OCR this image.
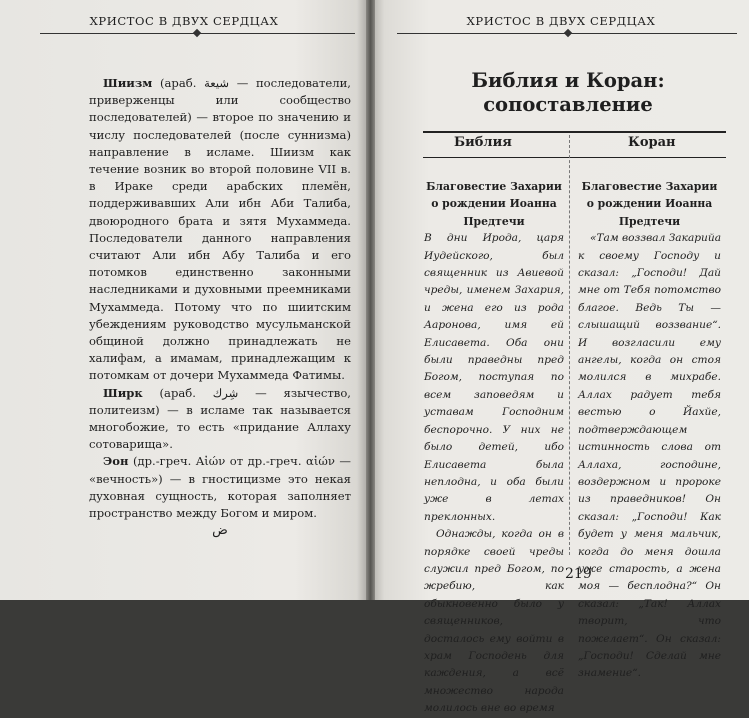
ХРИСТОС В ДВУХ СЕРДЦАХ

Шиизм (араб. شيعة — последователи, приверженцы или сообщество последователей) — второе по значению и числу последователей (после суннизма) направление в исламе. Шиизм как течение возник во второй половине VII в. в Ираке среди арабских племён, поддерживавших Али ибн Аби Талиба, двоюродного брата и зятя Мухаммеда. Последователи данного направления считают Али ибн Абу Талиба и его потомков единственно законными наследниками и духовными преемниками Мухаммеда. Потому что по шиитским убеждениям руководство мусульманской общиной должно принадлежать не халифам, а имамам, принадлежащим к потомкам от дочери Мухаммеда Фатимы.

Ширк (араб. شِرك — язычество, политеизм) — в исламе так называется многобожие, то есть «придание Аллаху сотоварища».

Эон (др.-греч. Αἰών от др.-греч. αἰών — «вечность») — в гностицизме это некая духовная сущность, которая заполняет пространство между Богом и миром.

ﺽ

ХРИСТОС В ДВУХ СЕРДЦАХ
Библия и Коран:
сопоставление
Библия	Коран

Благовестие Захарии о рождении Иоанна Предтечи

В дни Ирода, царя Иудейского, был священник из Авиевой чреды, именем Захария, и жена его из рода Ааронова, имя ей Елисавета. Оба они были праведны пред Богом, поступая по всем заповедям и уставам Господним беспорочно. У них не было детей, ибо Елисавета была неплодна, и оба были уже в летах преклонных.

Однажды, когда он в порядке своей чреды служил пред Богом, по жребию, как обыкновенно было у священников, досталось ему войти в храм Господень для каждения, а всё множество народа молилось вне во время

Благовестие Захарии о рождении Иоанна Предтечи

«Там воззвал Закарийа к своему Господу и сказал: „Господи! Дай мне от Тебя потомство благое. Ведь Ты — слышащий воззвание“. И возгласили ему ангелы, когда он стоя молился в михрабе. Аллах радует тебя вестью о Йахйе, подтверждающем истинность слова от Аллаха, господине, воздержном и пророке из праведников! Он сказал: „Господи! Как будет у меня мальчик, когда до меня дошла уже старость, а жена моя — бесплодна?“ Он сказал: „Так! Аллах творит, что пожелает“. Он сказал: „Господи! Сделай мне знамение“.

219
